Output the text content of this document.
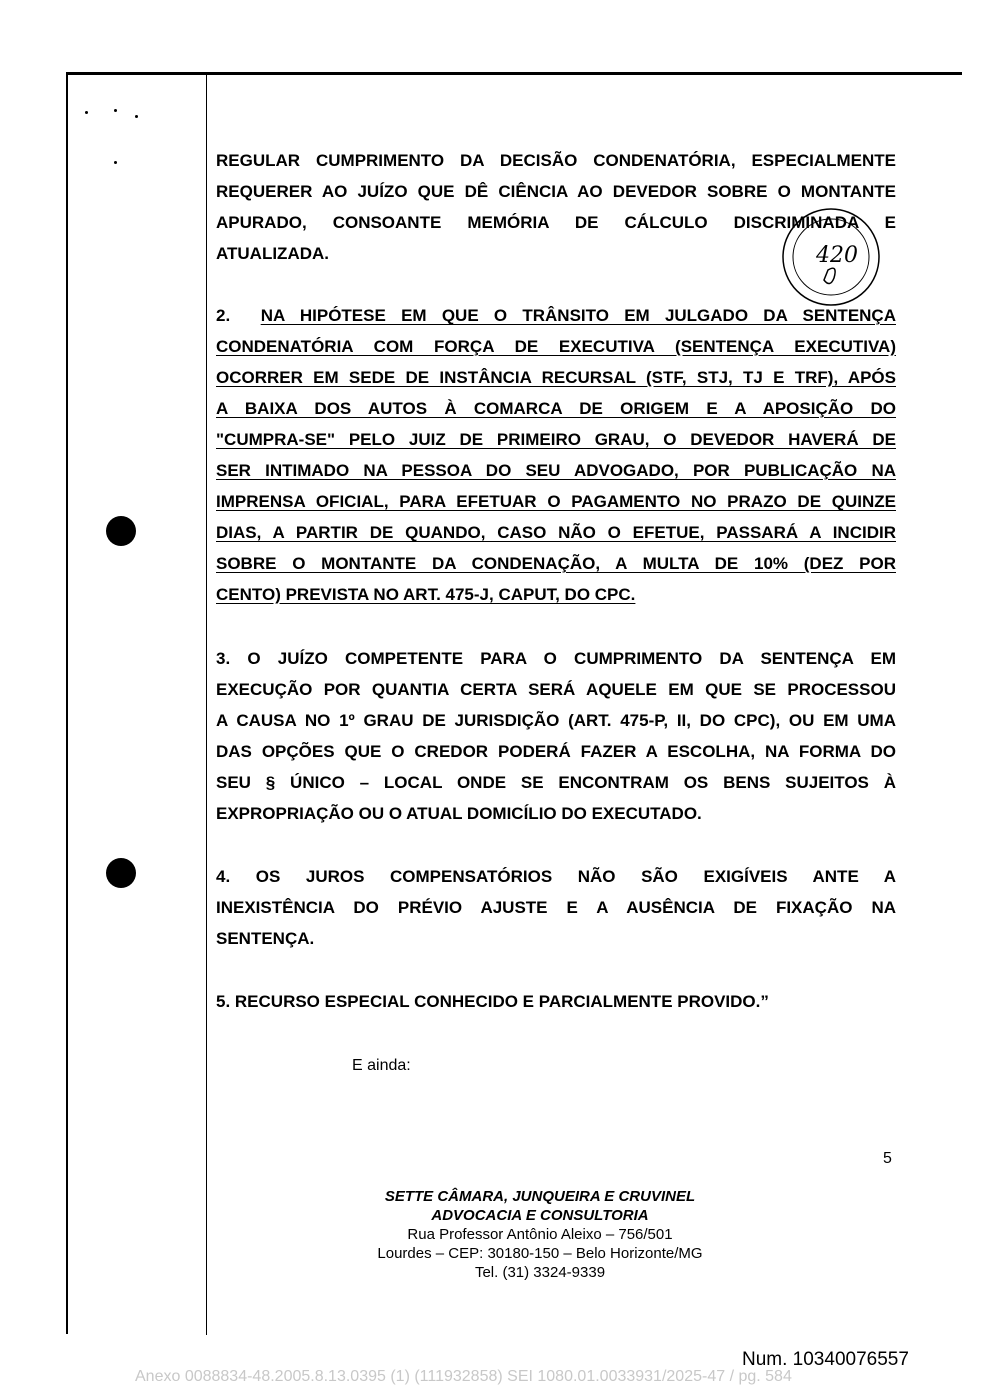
REGULAR CUMPRIMENTO DA DECISÃO CONDENATÓRIA, ESPECIALMENTE
REQUERER AO JUÍZO QUE DÊ CIÊNCIA AO DEVEDOR SOBRE O MONTANTE
APURADO, CONSOANTE MEMÓRIA DE CÁLCULO DISCRIMINADA E
ATUALIZADA.	420
2. NA HIPÓTESE EM QUE O TRÂNSITO EM JULGADO DA SENTENÇA
CONDENATÓRIA COM FORÇA DE EXECUTIVA (SENTENÇA EXECUTIVA)
OCORRER EM SEDE DE INSTÂNCIA RECURSAL (STF, STJ, TJ E TRF), APÓS
A BAIXA DOS AUTOS À COMARCA DE ORIGEM E A APOSIÇÃO DO
"CUMPRA-SE" PELO JUIZ DE PRIMEIRO GRAU, O DEVEDOR HAVERÁ DE
SER INTIMADO NA PESSOA DO SEU ADVOGADO, POR PUBLICAÇÃO NA
IMPRENSA OFICIAL, PARA EFETUAR O PAGAMENTO NO PRAZO DE QUINZE
DIAS, A PARTIR DE QUANDO, CASO NÃO O EFETUE, PASSARÁ A INCIDIR
SOBRE O MONTANTE DA CONDENAÇÃO, A MULTA DE 10% (DEZ POR
CENTO) PREVISTA NO ART. 475-J, CAPUT, DO CPC.
3. O JUÍZO COMPETENTE PARA O CUMPRIMENTO DA SENTENÇA EM
EXECUÇÃO POR QUANTIA CERTA SERÁ AQUELE EM QUE SE PROCESSOU
A CAUSA NO 1º GRAU DE JURISDIÇÃO (ART. 475-P, II, DO CPC), OU EM UMA
DAS OPÇÕES QUE O CREDOR PODERÁ FAZER A ESCOLHA, NA FORMA DO
SEU § ÚNICO – LOCAL ONDE SE ENCONTRAM OS BENS SUJEITOS À
EXPROPRIAÇÃO OU O ATUAL DOMICÍLIO DO EXECUTADO.
4. OS JUROS COMPENSATÓRIOS NÃO SÃO EXIGÍVEIS ANTE A
INEXISTÊNCIA DO PRÉVIO AJUSTE E A AUSÊNCIA DE FIXAÇÃO NA
SENTENÇA.
5. RECURSO ESPECIAL CONHECIDO E PARCIALMENTE PROVIDO.”
E ainda:
5
SETTE CÂMARA, JUNQUEIRA E CRUVINEL
ADVOCACIA E CONSULTORIA
Rua Professor Antônio Aleixo – 756/501
Lourdes – CEP: 30180-150 – Belo Horizonte/MG
Tel. (31) 3324-9339
Num. 10340076557
Anexo 0088834-48.2005.8.13.0395 (1) (111932858) SEI 1080.01.0033931/2025-47 / pg. 584
